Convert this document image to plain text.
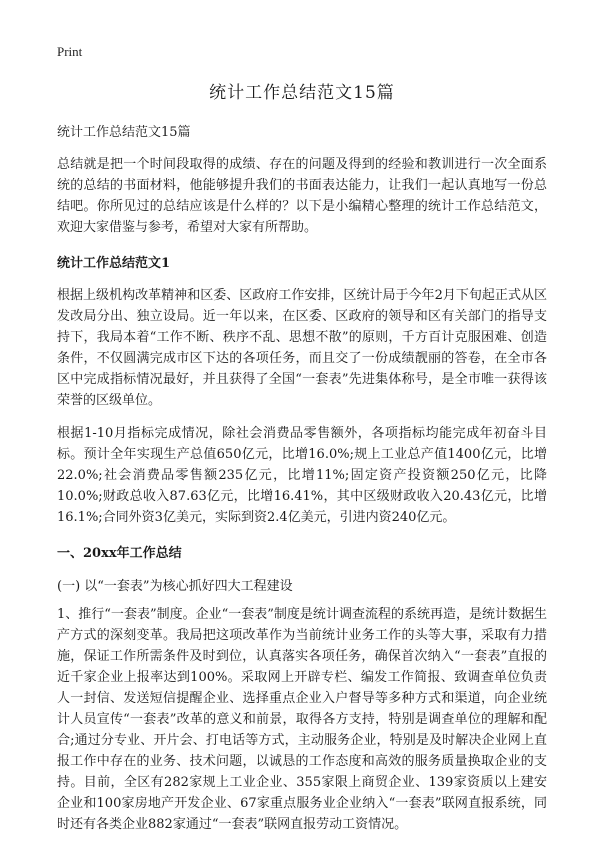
Print
统计工作总结范文15篇
统计工作总结范文15篇

总结就是把一个时间段取得的成绩、存在的问题及得到的经验和教训进行一次全面系统的总结的书面材料，他能够提升我们的书面表达能力，让我们一起认真地写一份总结吧。你所见过的总结应该是什么样的？以下是小编精心整理的统计工作总结范文，欢迎大家借鉴与参考，希望对大家有所帮助。

统计工作总结范文1

根据上级机构改革精神和区委、区政府工作安排，区统计局于今年2月下旬起正式从区发改局分出、独立设局。近一年以来，在区委、区政府的领导和区有关部门的指导支持下，我局本着“工作不断、秩序不乱、思想不散”的原则，千方百计克服困难、创造条件，不仅圆满完成市区下达的各项任务，而且交了一份成绩靓丽的答卷，在全市各区中完成指标情况最好，并且获得了全国“一套表”先进集体称号，是全市唯一获得该荣誉的区级单位。

根据1-10月指标完成情况，除社会消费品零售额外，各项指标均能完成年初奋斗目标。预计全年实现生产总值650亿元，比增16.0%;规上工业总产值1400亿元，比增22.0%;社会消费品零售额235亿元，比增11%;固定资产投资额250亿元，比降10.0%;财政总收入87.63亿元，比增16.41%，其中区级财政收入20.43亿元，比增16.1%;合同外资3亿美元，实际到资2.4亿美元，引进内资240亿元。

一、20xx年工作总结
(一) 以“一套表”为核心抓好四大工程建设

1、推行“一套表”制度。企业“一套表”制度是统计调查流程的系统再造，是统计数据生产方式的深刻变革。我局把这项改革作为当前统计业务工作的头等大事，采取有力措施，保证工作所需条件及时到位，认真落实各项任务，确保首次纳入“一套表”直报的近千家企业上报率达到100%。采取网上开辟专栏、编发工作简报、致调查单位负责人一封信、发送短信提醒企业、选择重点企业入户督导等多种方式和渠道，向企业统计人员宣传“一套表”改革的意义和前景，取得各方支持，特别是调查单位的理解和配合;通过分专业、开片会、打电话等方式，主动服务企业，特别是及时解决企业网上直报工作中存在的业务、技术问题，以诚恳的工作态度和高效的服务质量换取企业的支持。目前，全区有282家规上工业企业、355家限上商贸企业、139家资质以上建安企业和100家房地产开发企业、67家重点服务业企业纳入“一套表”联网直报系统，同时还有各类企业882家通过“一套表”联网直报劳动工资情况。
